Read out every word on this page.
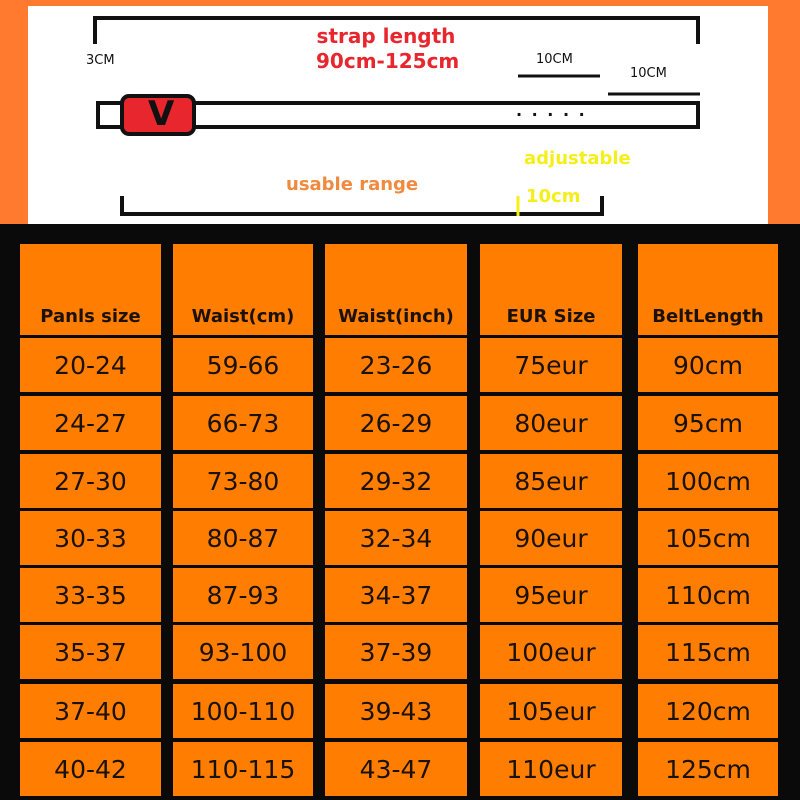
strap length
90cm-125cm
3CM	10CM
10CM
V	. . . . .
adjustable
10cm
usable range
Panls size	Waist(cm)	Waist(inch)	EUR Size	BeltLength
20-24	59-66	23-26	75eur	90cm
24-27	66-73	26-29	80eur	95cm
27-30	73-80	29-32	85eur	100cm
30-33	80-87	32-34	90eur	105cm
33-35	87-93	34-37	95eur	110cm
35-37	93-100	37-39	100eur	115cm
37-40	100-110	39-43	105eur	120cm
40-42	110-115	43-47	110eur	125cm
